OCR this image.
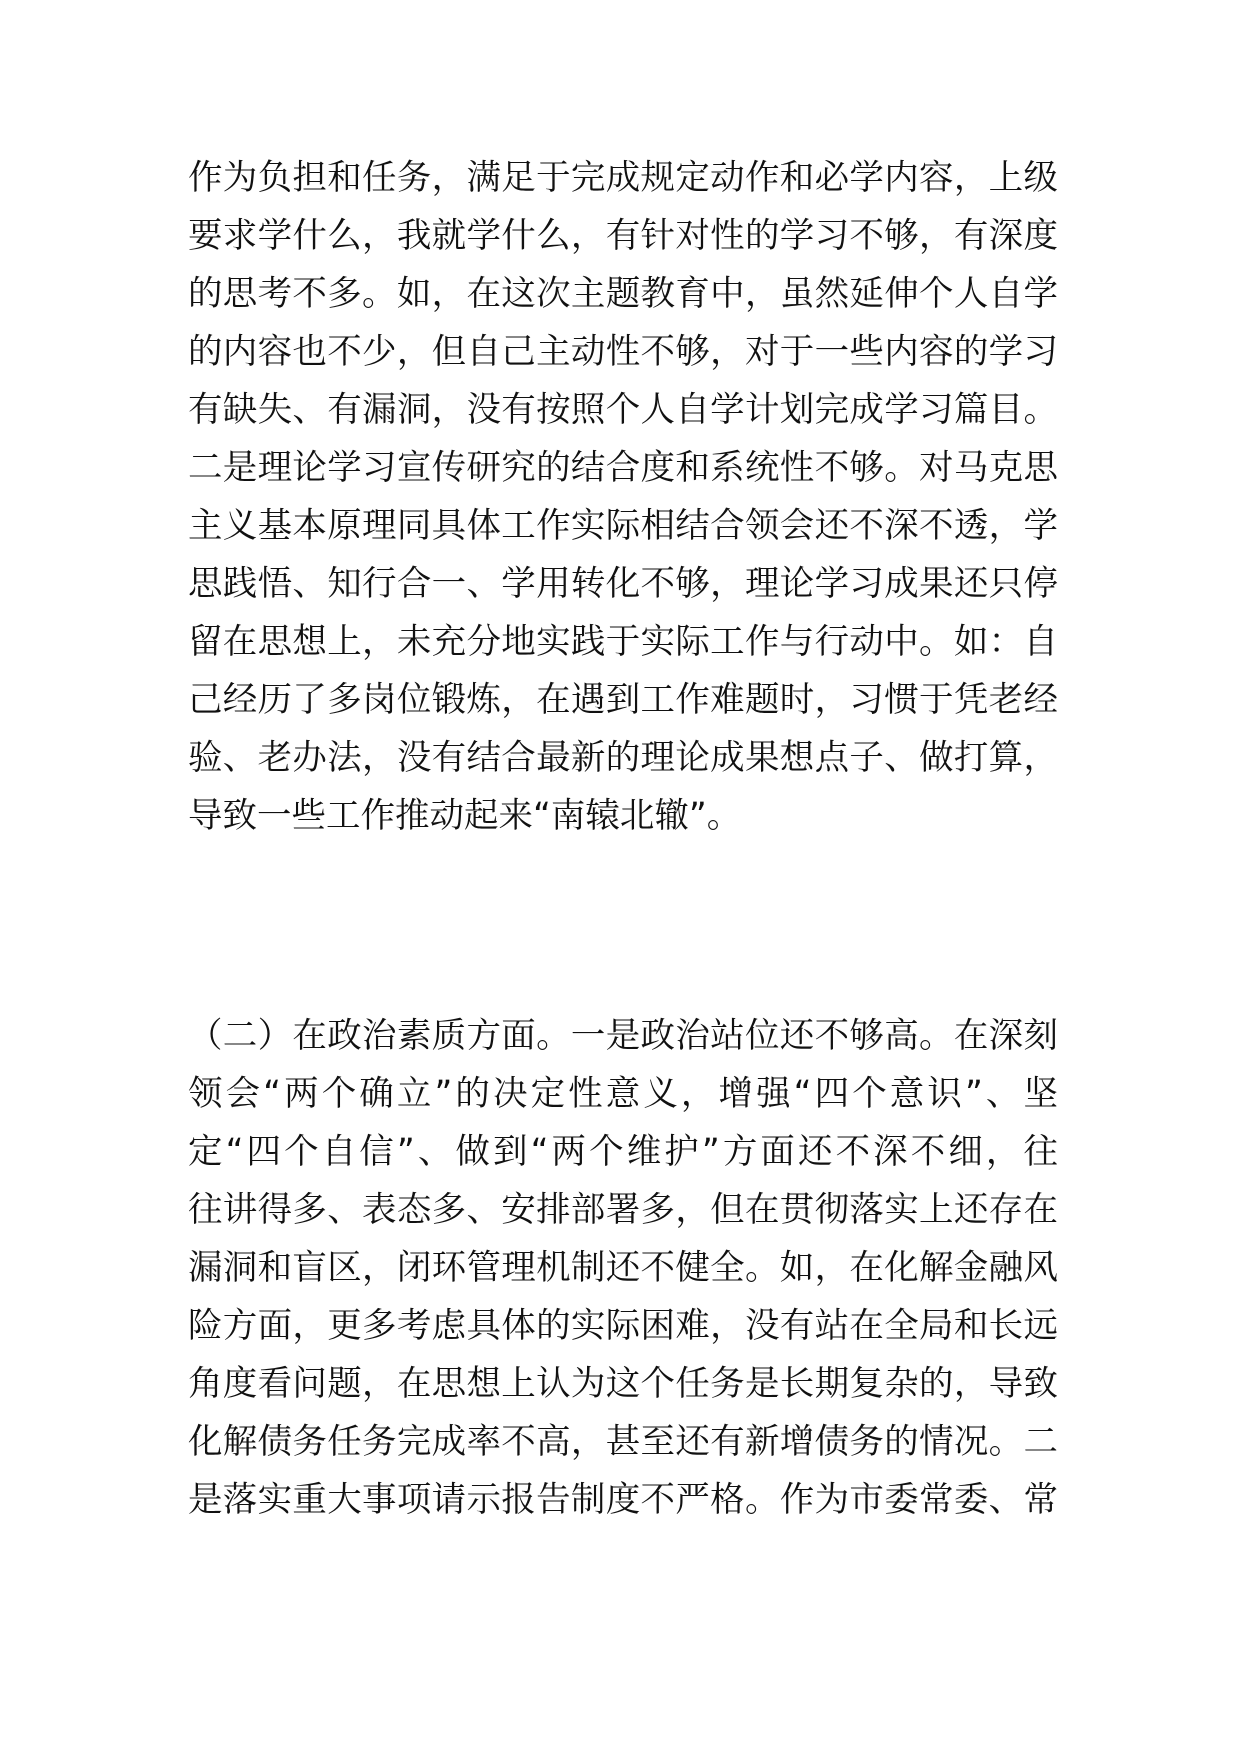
作为负担和任务，满足于完成规定动作和必学内容，上级
要求学什么，我就学什么，有针对性的学习不够，有深度
的思考不多。如，在这次主题教育中，虽然延伸个人自学
的内容也不少，但自己主动性不够，对于一些内容的学习
有缺失、有漏洞，没有按照个人自学计划完成学习篇目。
二是理论学习宣传研究的结合度和系统性不够。对马克思
主义基本原理同具体工作实际相结合领会还不深不透，学
思践悟、知行合一、学用转化不够，理论学习成果还只停
留在思想上，未充分地实践于实际工作与行动中。如：自
己经历了多岗位锻炼，在遇到工作难题时，习惯于凭老经
验、老办法，没有结合最新的理论成果想点子、做打算，
导致一些工作推动起来“南辕北辙”。
（二）在政治素质方面。一是政治站位还不够高。在深刻
领会“两个确立”的决定性意义，增强“四个意识”、坚
定“四个自信”、做到“两个维护”方面还不深不细，往
往讲得多、表态多、安排部署多，但在贯彻落实上还存在
漏洞和盲区，闭环管理机制还不健全。如，在化解金融风
险方面，更多考虑具体的实际困难，没有站在全局和长远
角度看问题，在思想上认为这个任务是长期复杂的，导致
化解债务任务完成率不高，甚至还有新增债务的情况。二
是落实重大事项请示报告制度不严格。作为市委常委、常
